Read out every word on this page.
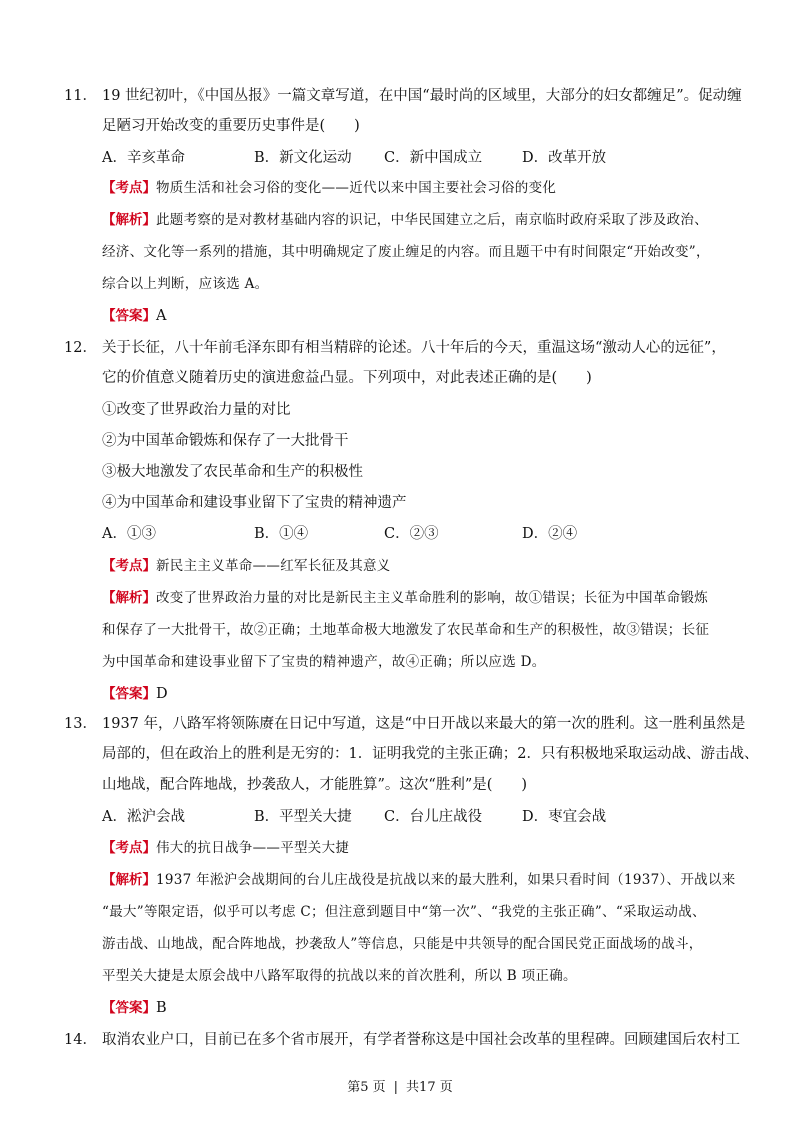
11． 19 世纪初叶，《中国丛报》一篇文章写道，在中国“最时尚的区域里，大部分的妇女都缠足”。促动缠
足陋习开始改变的重要历史事件是(　　)
A．辛亥革命	B．新文化运动 C．新中国成立	D．改革开放
【考点】物质生活和社会习俗的变化——近代以来中国主要社会习俗的变化
【解析】此题考察的是对教材基础内容的识记，中华民国建立之后，南京临时政府采取了涉及政治、
经济、文化等一系列的措施，其中明确规定了废止缠足的内容。而且题干中有时间限定“开始改变”，
综合以上判断，应该选 A。
【答案】A
12． 关于长征，八十年前毛泽东即有相当精辟的论述。八十年后的今天，重温这场“激动人心的远征”，
它的价值意义随着历史的演进愈益凸显。下列项中，对此表述正确的是(　　)
①改变了世界政治力量的对比
②为中国革命锻炼和保存了一大批骨干
③极大地激发了农民革命和生产的积极性
④为中国革命和建设事业留下了宝贵的精神遗产
A．①③	B．①④	C．②③	D．②④
【考点】新民主主义革命——红军长征及其意义
【解析】改变了世界政治力量的对比是新民主主义革命胜利的影响，故①错误；长征为中国革命锻炼
和保存了一大批骨干，故②正确；土地革命极大地激发了农民革命和生产的积极性，故③错误；长征
为中国革命和建设事业留下了宝贵的精神遗产，故④正确；所以应选 D。
【答案】D
13． 1937 年，八路军将领陈赓在日记中写道，这是“中日开战以来最大的第一次的胜利。这一胜利虽然是
局部的，但在政治上的胜利是无穷的：1．证明我党的主张正确；2．只有积极地采取运动战、游击战、
山地战，配合阵地战，抄袭敌人，才能胜算”。这次“胜利”是(　　)
A．淞沪会战	B．平型关大捷 C．台儿庄战役	D．枣宜会战
【考点】伟大的抗日战争——平型关大捷
【解析】1937 年淞沪会战期间的台儿庄战役是抗战以来的最大胜利，如果只看时间（1937）、开战以来
“最大”等限定语，似乎可以考虑 C；但注意到题目中“第一次”、“我党的主张正确”、“采取运动战、
游击战、山地战，配合阵地战，抄袭敌人”等信息，只能是中共领导的配合国民党正面战场的战斗，
平型关大捷是太原会战中八路军取得的抗战以来的首次胜利，所以 B 项正确。
【答案】B
14． 取消农业户口，目前已在多个省市展开，有学者誉称这是中国社会改革的里程碑。回顾建国后农村工
第5 页 | 共17 页
